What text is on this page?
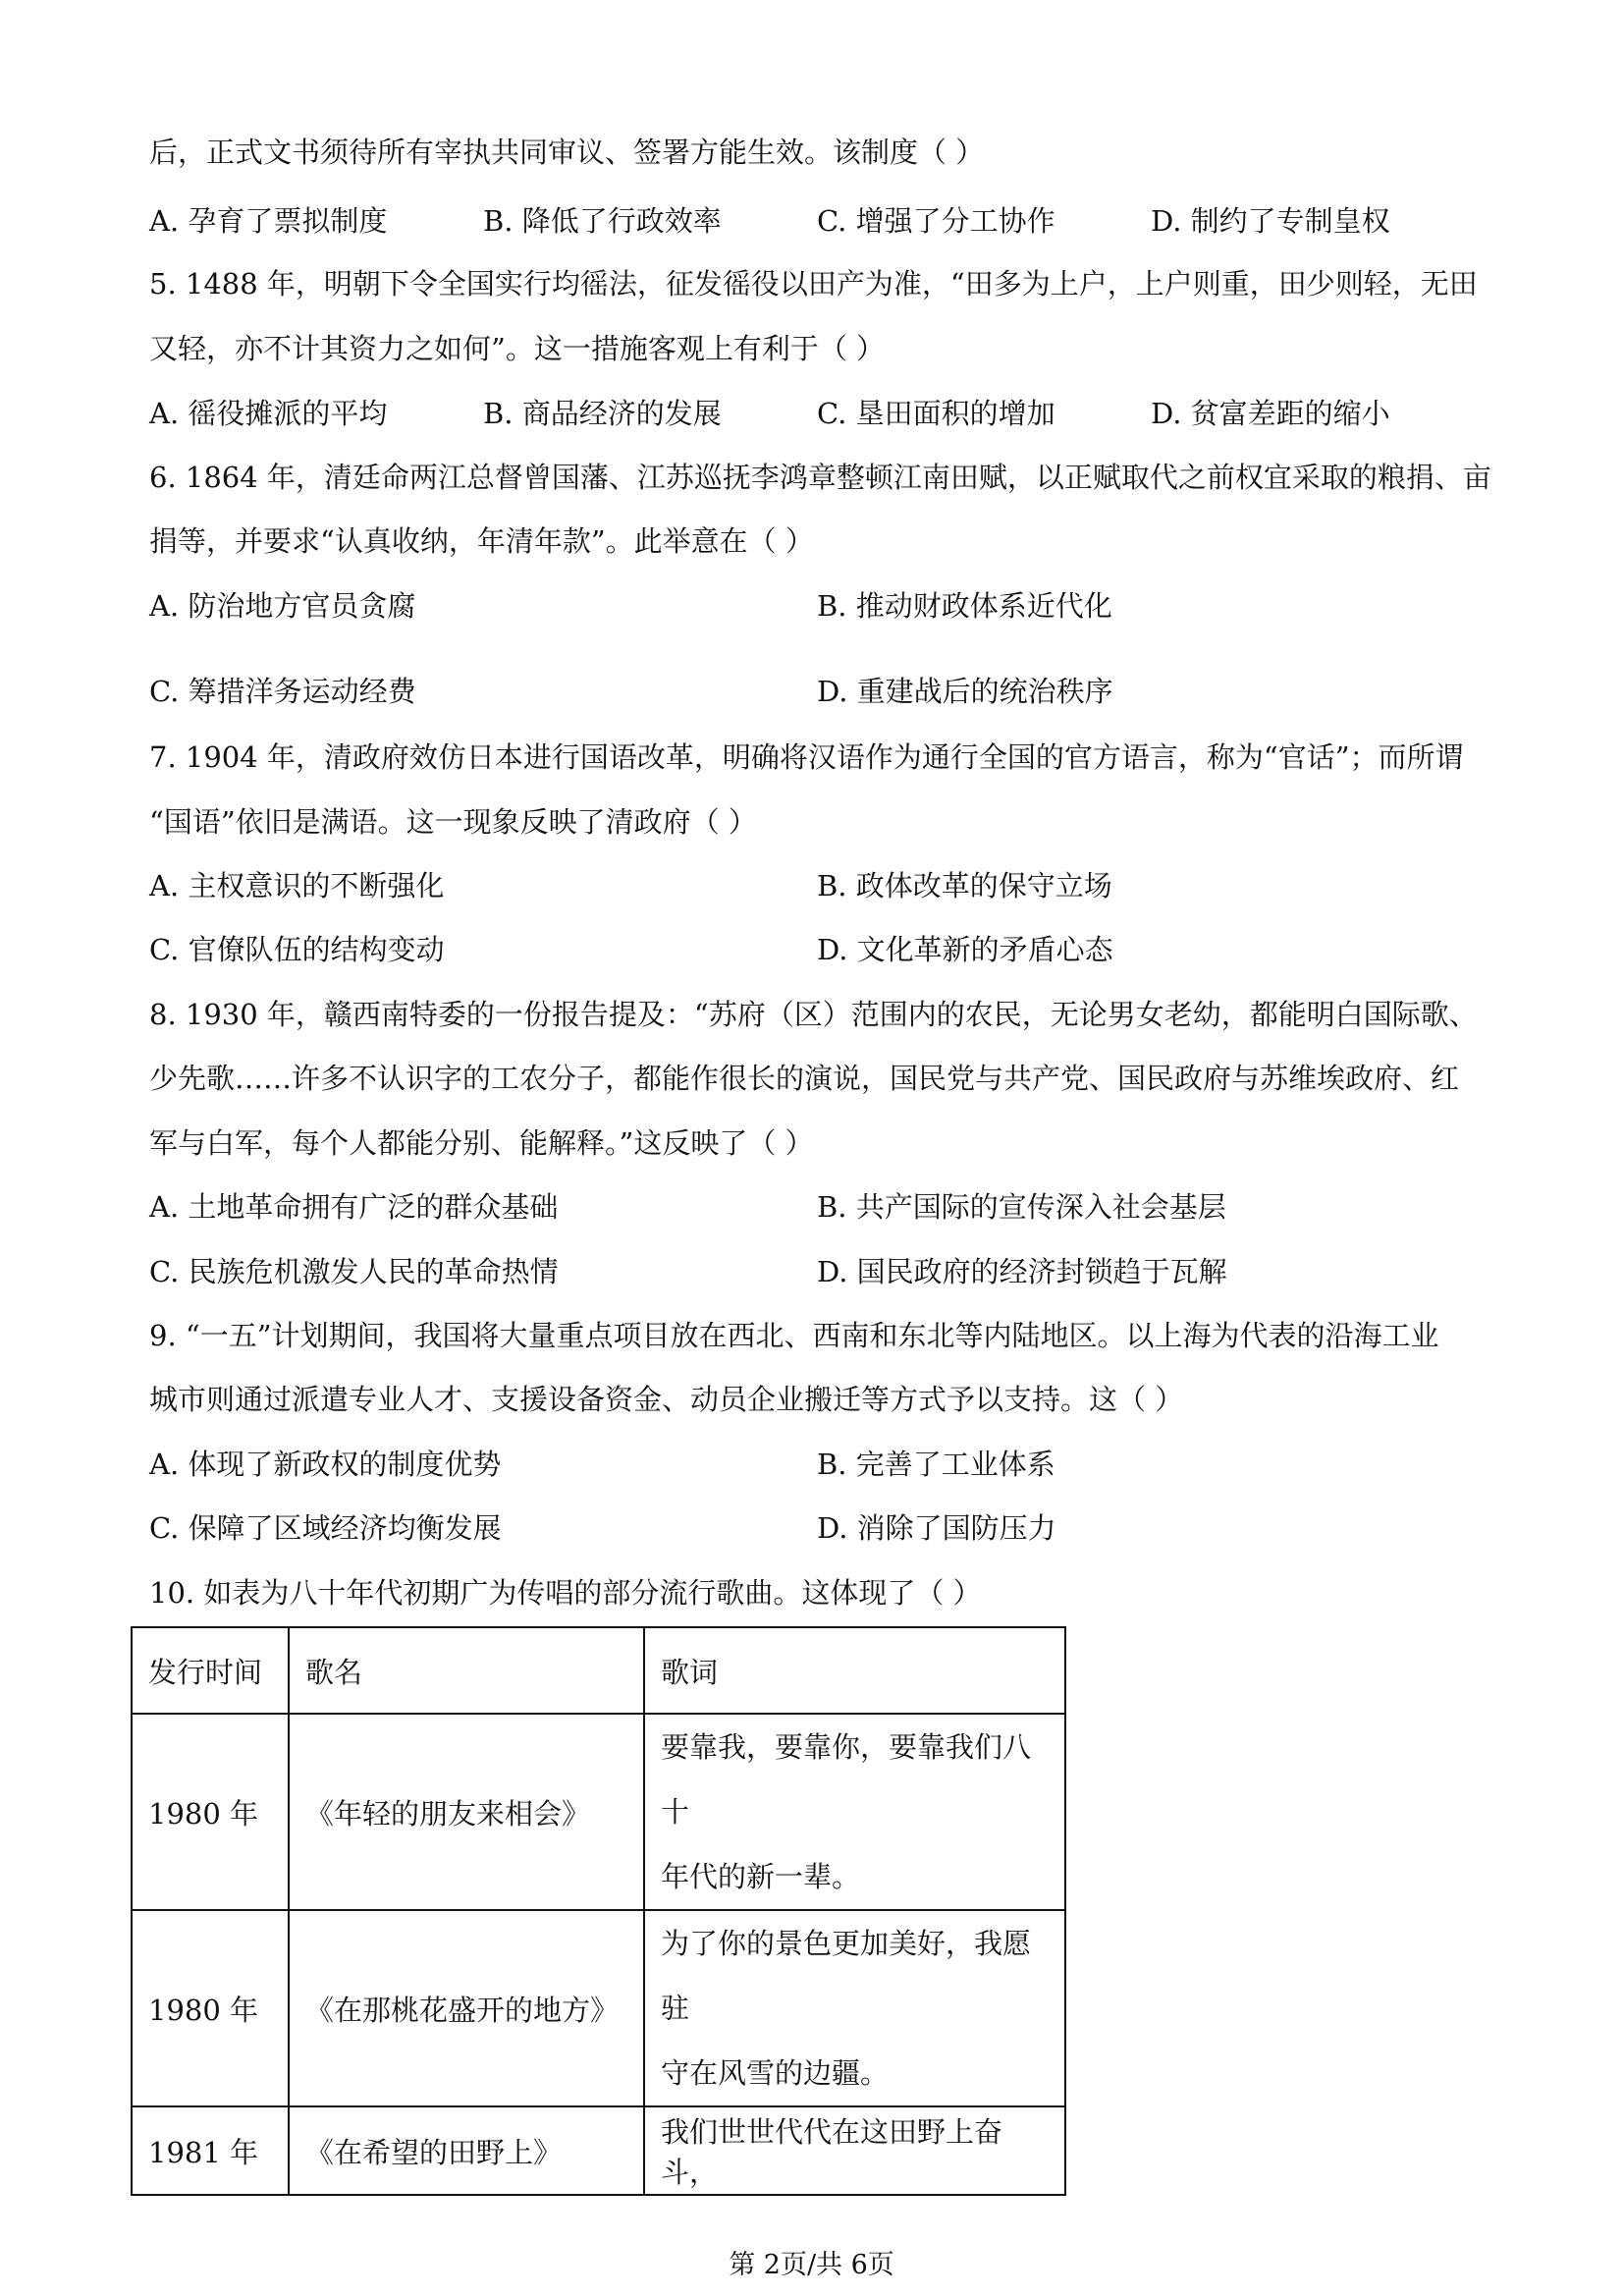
后，正式文书须待所有宰执共同审议、签署方能生效。该制度（ ）
A. 孕育了票拟制度	B. 降低了行政效率	C. 增强了分工协作	D. 制约了专制皇权
5. 1488 年，明朝下令全国实行均徭法，征发徭役以田产为准，“田多为上户，上户则重，田少则轻，无田
又轻，亦不计其资力之如何”。这一措施客观上有利于（ ）
A. 徭役摊派的平均	B. 商品经济的发展	C. 垦田面积的增加	D. 贫富差距的缩小
6. 1864 年，清廷命两江总督曾国藩、江苏巡抚李鸿章整顿江南田赋，以正赋取代之前权宜采取的粮捐、亩
捐等，并要求“认真收纳，年清年款”。此举意在（ ）
A. 防治地方官员贪腐	B. 推动财政体系近代化
C. 筹措洋务运动经费	D. 重建战后的统治秩序
7. 1904 年，清政府效仿日本进行国语改革，明确将汉语作为通行全国的官方语言，称为“官话”；而所谓
“国语”依旧是满语。这一现象反映了清政府（ ）
A. 主权意识的不断强化	B. 政体改革的保守立场
C. 官僚队伍的结构变动	D. 文化革新的矛盾心态
8. 1930 年，赣西南特委的一份报告提及：“苏府（区）范围内的农民，无论男女老幼，都能明白国际歌、
少先歌……许多不认识字的工农分子，都能作很长的演说，国民党与共产党、国民政府与苏维埃政府、红
军与白军，每个人都能分别、能解释。”这反映了（ ）
A. 土地革命拥有广泛的群众基础	B. 共产国际的宣传深入社会基层
C. 民族危机激发人民的革命热情	D. 国民政府的经济封锁趋于瓦解
9. “一五”计划期间，我国将大量重点项目放在西北、西南和东北等内陆地区。以上海为代表的沿海工业
城市则通过派遣专业人才、支援设备资金、动员企业搬迁等方式予以支持。这（ ）
A. 体现了新政权的制度优势	B. 完善了工业体系
C. 保障了区域经济均衡发展	D. 消除了国防压力
10. 如表为八十年代初期广为传唱的部分流行歌曲。这体现了（ ）
发行时间	歌名	歌词
1980 年	《年轻的朋友来相会》	要靠我，要靠你，要靠我们八十
年代的新一辈。

1980 年	《在那桃花盛开的地方》	为了你的景色更加美好，我愿驻
守在风雪的边疆。

1981 年	《在希望的田野上》	我们世世代代在这田野上奋斗，
第 2页/共 6页
